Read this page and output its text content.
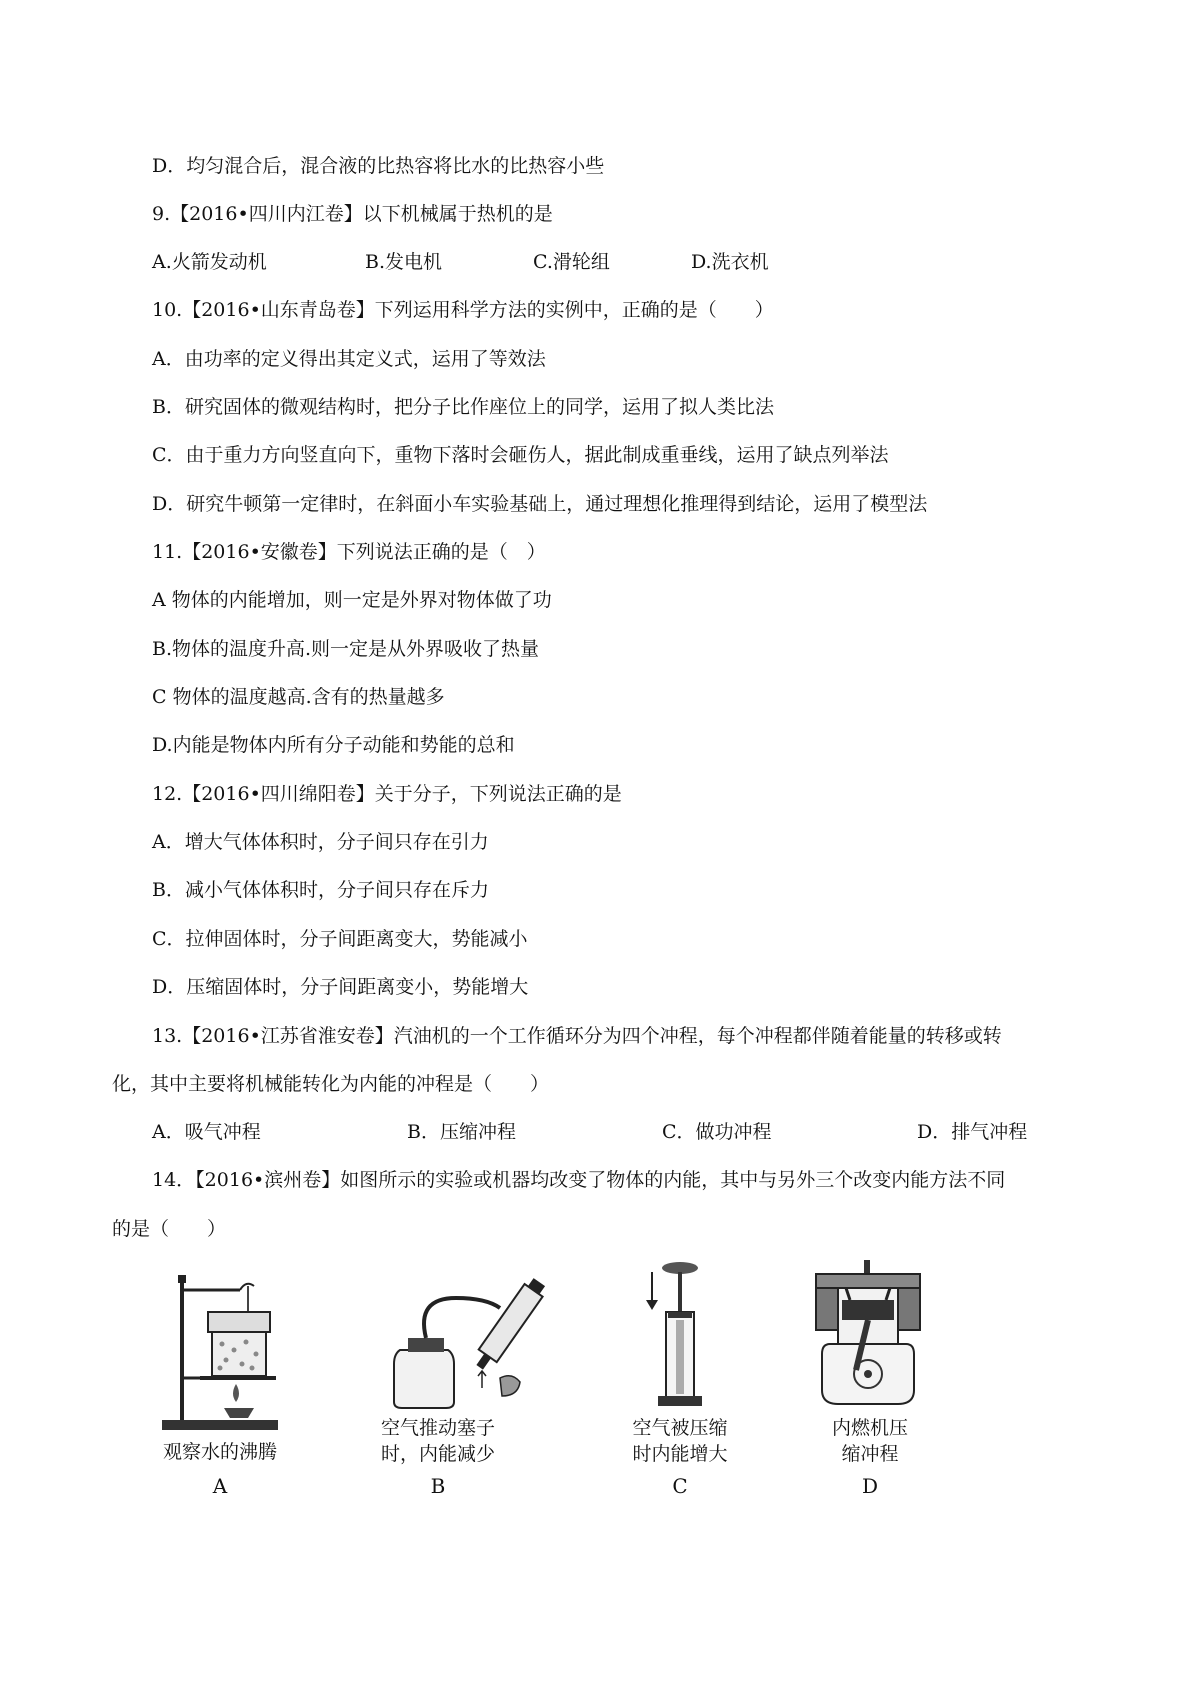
D．均匀混合后，混合液的比热容将比水的比热容小些
9.【2016•四川内江卷】以下机械属于热机的是
A.火箭发动机	B.发电机	C.滑轮组	D.洗衣机
10.【2016•山东青岛卷】下列运用科学方法的实例中，正确的是（　　）
A．由功率的定义得出其定义式，运用了等效法
B．研究固体的微观结构时，把分子比作座位上的同学，运用了拟人类比法
C．由于重力方向竖直向下，重物下落时会砸伤人，据此制成重垂线，运用了缺点列举法
D．研究牛顿第一定律时，在斜面小车实验基础上，通过理想化推理得到结论，运用了模型法
11.【2016•安徽卷】下列说法正确的是（　）
A 物体的内能增加，则一定是外界对物体做了功
B.物体的温度升高.则一定是从外界吸收了热量
C 物体的温度越高.含有的热量越多
D.内能是物体内所有分子动能和势能的总和
12.【2016•四川绵阳卷】关于分子，下列说法正确的是
A．增大气体体积时，分子间只存在引力
B．减小气体体积时，分子间只存在斥力
C．拉伸固体时，分子间距离变大，势能减小
D．压缩固体时，分子间距离变小，势能增大
13.【2016•江苏省淮安卷】汽油机的一个工作循环分为四个冲程，每个冲程都伴随着能量的转移或转
化，其中主要将机械能转化为内能的冲程是（　　）
A．吸气冲程	B．压缩冲程	C．做功冲程	D．排气冲程
14．【2016•滨州卷】如图所示的实验或机器均改变了物体的内能，其中与另外三个改变内能方法不同
的是（　　）
观察水的沸腾
A
空气推动塞子
时，内能减少
B
空气被压缩
时内能增大
C
内燃机压
缩冲程
D
